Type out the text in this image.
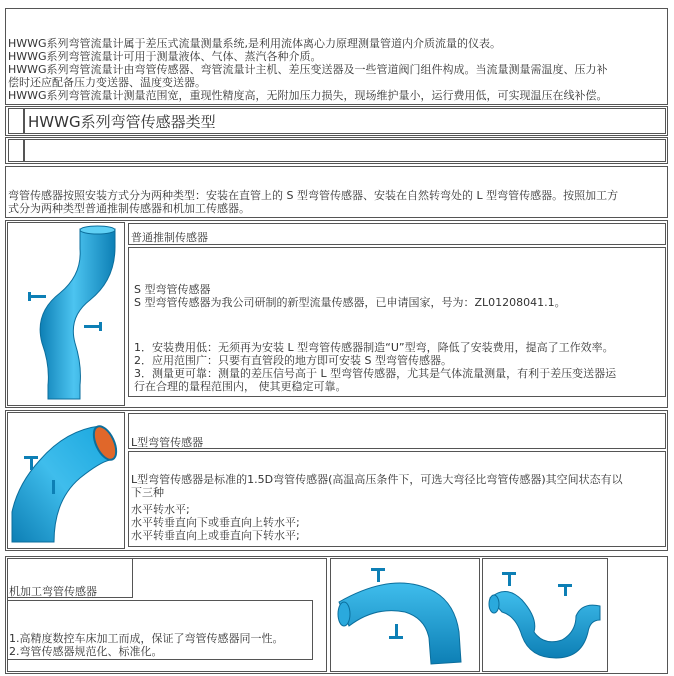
HWWG系列弯管流量计属于差压式流量测量系统,是利用流体离心力原理测量管道内介质流量的仪表。
HWWG系列弯管流量计可用于测量液体、气体、蒸汽各种介质。
HWWG系列弯管流量计由弯管传感器、弯管流量计主机、差压变送器及一些管道阀门组件构成。当流量测量需温度、压力补
偿时还应配备压力变送器、温度变送器。
HWWG系列弯管流量计测量范围宽，重现性精度高，无附加压力损失，现场维护量小，运行费用低，可实现温压在线补偿。
HWWG系列弯管传感器类型
弯管传感器按照安装方式分为两种类型：安装在直管上的 S 型弯管传感器、安装在自然转弯处的 L 型弯管传感器。按照加工方
式分为两种类型普通推制传感器和机加工传感器。
普通推制传感器
S 型弯管传感器
S 型弯管传感器为我公司研制的新型流量传感器，已申请国家，号为：ZL01208041.1。
1．安装费用低：无须再为安装 L 型弯管传感器制造“U”型弯，降低了安装费用，提高了工作效率。
2．应用范围广：只要有直管段的地方即可安装 S 型弯管传感器。
3．测量更可靠：测量的差压信号高于 L 型弯管传感器，尤其是气体流量测量，有利于差压变送器运
行在合理的量程范围内， 使其更稳定可靠。
L型弯管传感器
L型弯管传感器是标准的1.5D弯管传感器(高温高压条件下，可选大弯径比弯管传感器)其空间状态有以
下三种
水平转水平;
水平转垂直向下或垂直向上转水平;
水平转垂直向上或垂直向下转水平;
机加工弯管传感器
1.高精度数控车床加工而成，保证了弯管传感器同一性。
2.弯管传感器规范化、标准化。
